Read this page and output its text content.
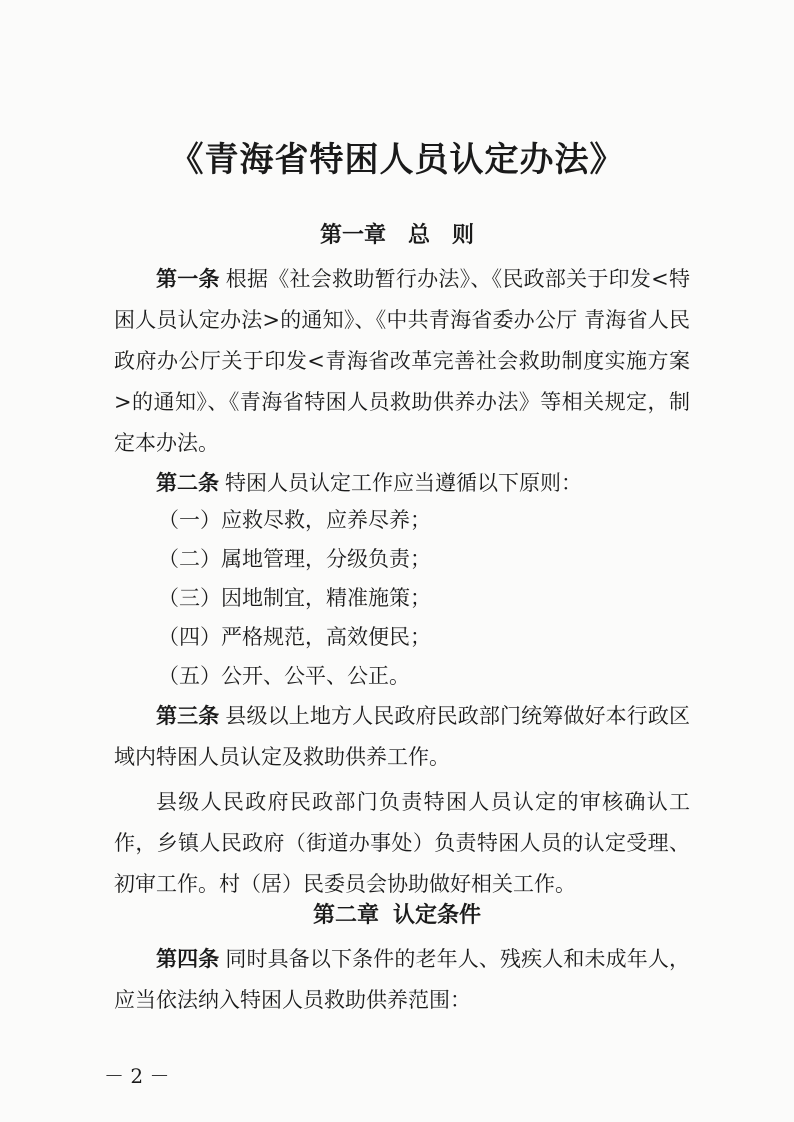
《青海省特困人员认定办法》
第一章 总　则

第一条 根据《社会救助暂行办法》、《民政部关于印发<特困人员认定办法>的通知》、《中共青海省委办公厅 青海省人民政府办公厅关于印发<青海省改革完善社会救助制度实施方案>的通知》、《青海省特困人员救助供养办法》等相关规定，制定本办法。

第二条 特困人员认定工作应当遵循以下原则：

（一）应救尽救，应养尽养；
（二）属地管理，分级负责；
（三）因地制宜，精准施策；
（四）严格规范，高效便民；
（五）公开、公平、公正。

第三条 县级以上地方人民政府民政部门统筹做好本行政区域内特困人员认定及救助供养工作。

县级人民政府民政部门负责特困人员认定的审核确认工作，乡镇人民政府（街道办事处）负责特困人员的认定受理、初审工作。村（居）民委员会协助做好相关工作。

第二章 认定条件

第四条 同时具备以下条件的老年人、残疾人和未成年人，应当依法纳入特困人员救助供养范围：

－ 2 －
